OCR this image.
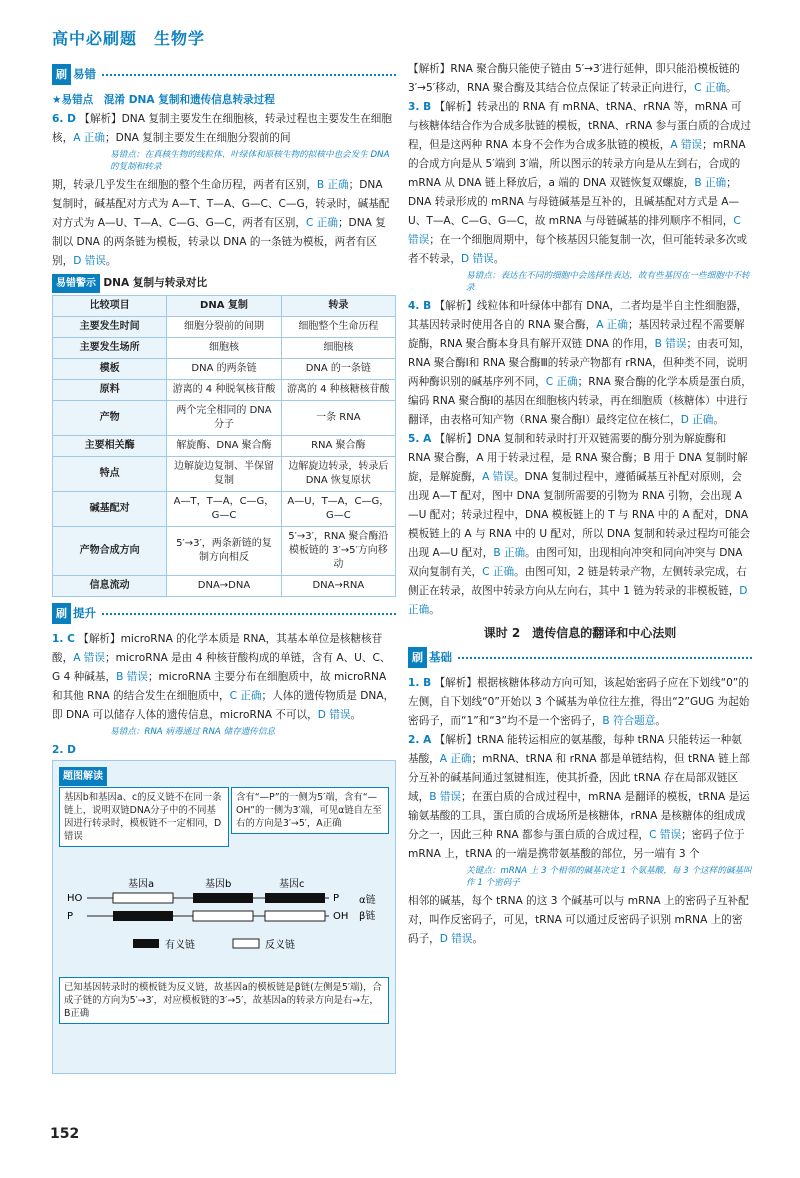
高中必刷题　生物学
刷 易错

★易错点　混淆 DNA 复制和遗传信息转录过程

6. D 【解析】DNA 复制主要发生在细胞核，转录过程也主要发生在细胞核，A 正确；DNA 复制主要发生在细胞分裂前的间

易错点：在真核生物的线粒体、叶绿体和原核生物的拟核中也会发生 DNA 的复制和转录

期，转录几乎发生在细胞的整个生命历程，两者有区别，B 正确；DNA 复制时，碱基配对方式为 A—T、T—A、G—C、C—G，转录时，碱基配对方式为 A—U、T—A、C—G、G—C，两者有区别，C 正确；DNA 复制以 DNA 的两条链为模板，转录以 DNA 的一条链为模板，两者有区别，D 错误。

易错警示 DNA 复制与转录对比
比较项目	DNA 复制	转录
主要发生时间	细胞分裂前的间期	细胞整个生命历程
主要发生场所	细胞核	细胞核
模板	DNA 的两条链	DNA 的一条链
原料	游离的 4 种脱氧核苷酸	游离的 4 种核糖核苷酸
产物	两个完全相同的 DNA 分子	一条 RNA
主要相关酶	解旋酶、DNA 聚合酶	RNA 聚合酶
特点	边解旋边复制、半保留复制	边解旋边转录，转录后 DNA 恢复原状
碱基配对	A—T，T—A，C—G，G—C	A—U，T—A，C—G，G—C
产物合成方向	5′→3′，两条新链的复制方向相反	5′→3′，RNA 聚合酶沿模板链的 3′→5′方向移动
信息流动	DNA→DNA	DNA→RNA
刷 提升

1. C 【解析】microRNA 的化学本质是 RNA，其基本单位是核糖核苷酸，A 错误；microRNA 是由 4 种核苷酸构成的单链，含有 A、U、C、G 4 种碱基，B 错误；microRNA 主要分布在细胞质中，故 microRNA 和其他 RNA 的结合发生在细胞质中，C 正确；人体的遗传物质是 DNA，即 DNA 可以储存人体的遗传信息，microRNA 不可以，D 错误。

易错点：RNA 病毒通过 RNA 储存遗传信息

2. D

题图解读
基因b和基因a、c的反义链不在同一条链上，说明双链DNA分子中的不同基因进行转录时，模板链不一定相同，D错误
含有“—P”的一侧为5′端，含有“—OH”的一侧为3′端，可见α链自左至右的方向是3′→5′，A正确
HO
P
基因a	基因b	基因c
P
OH
α链
β链
有义链	反义链
已知基因转录时的模板链为反义链，故基因a的模板链是β链(左侧是5′端)，合成子链的方向为5′→3′，对应模板链的3′→5′，故基因a的转录方向是右→左，B正确

【解析】RNA 聚合酶只能使子链由 5′→3′进行延伸，即只能沿模板链的 3′→5′移动，RNA 聚合酶及其结合位点保证了转录正向进行，C 正确。

3. B 【解析】转录出的 RNA 有 mRNA、tRNA、rRNA 等，mRNA 可与核糖体结合作为合成多肽链的模板，tRNA、rRNA 参与蛋白质的合成过程，但是这两种 RNA 本身不会作为合成多肽链的模板，A 错误；mRNA 的合成方向是从 5′端到 3′端，所以图示的转录方向是从左到右，合成的 mRNA 从 DNA 链上释放后，a 端的 DNA 双链恢复双螺旋，B 正确；DNA 转录形成的 mRNA 与母链碱基是互补的，且碱基配对方式是 A—U、T—A、C—G、G—C，故 mRNA 与母链碱基的排列顺序不相同，C 错误；在一个细胞周期中，每个核基因只能复制一次，但可能转录多次或者不转录，D 错误。

易错点：表达在不同的细胞中会选择性表达，故有些基因在一些细胞中不转录

4. B 【解析】线粒体和叶绿体中都有 DNA，二者均是半自主性细胞器，其基因转录时使用各自的 RNA 聚合酶，A 正确；基因转录过程不需要解旋酶，RNA 聚合酶本身具有解开双链 DNA 的作用，B 错误；由表可知，RNA 聚合酶Ⅰ和 RNA 聚合酶Ⅲ的转录产物都有 rRNA，但种类不同，说明两种酶识别的碱基序列不同，C 正确；RNA 聚合酶的化学本质是蛋白质，编码 RNA 聚合酶Ⅰ的基因在细胞核内转录，再在细胞质（核糖体）中进行翻译，由表格可知产物（RNA 聚合酶Ⅰ）最终定位在核仁，D 正确。

5. A 【解析】DNA 复制和转录时打开双链需要的酶分别为解旋酶和 RNA 聚合酶，A 用于转录过程，是 RNA 聚合酶；B 用于 DNA 复制时解旋，是解旋酶，A 错误。DNA 复制过程中，遵循碱基互补配对原则，会出现 A—T 配对，图中 DNA 复制所需要的引物为 RNA 引物，会出现 A—U 配对；转录过程中，DNA 模板链上的 T 与 RNA 中的 A 配对，DNA 模板链上的 A 与 RNA 中的 U 配对，所以 DNA 复制和转录过程均可能会出现 A—U 配对，B 正确。由图可知，出现相向冲突和同向冲突与 DNA 双向复制有关，C 正确。由图可知，2 链是转录产物，左侧转录完成，右侧正在转录，故图中转录方向从左向右，其中 1 链为转录的非模板链，D 正确。

课时 2　遗传信息的翻译和中心法则

刷 基础

1. B 【解析】根据核糖体移动方向可知，该起始密码子应在下划线“0”的左侧，自下划线“0”开始以 3 个碱基为单位往左推，得出“2”GUG 为起始密码子，而“1”和“3”均不是一个密码子，B 符合题意。

2. A 【解析】tRNA 能转运相应的氨基酸，每种 tRNA 只能转运一种氨基酸，A 正确；mRNA、tRNA 和 rRNA 都是单链结构，但 tRNA 链上部分互补的碱基间通过氢键相连，使其折叠，因此 tRNA 存在局部双链区域，B 错误；在蛋白质的合成过程中，mRNA 是翻译的模板，tRNA 是运输氨基酸的工具，蛋白质的合成场所是核糖体，rRNA 是核糖体的组成成分之一，因此三种 RNA 都参与蛋白质的合成过程，C 错误；密码子位于 mRNA 上，tRNA 的一端是携带氨基酸的部位，另一端有 3 个

关键点：mRNA 上 3 个相邻的碱基决定 1 个氨基酸，每 3 个这样的碱基叫作 1 个密码子

相邻的碱基，每个 tRNA 的这 3 个碱基可以与 mRNA 上的密码子互补配对，叫作反密码子，可见，tRNA 可以通过反密码子识别 mRNA 上的密码子，D 错误。

152
